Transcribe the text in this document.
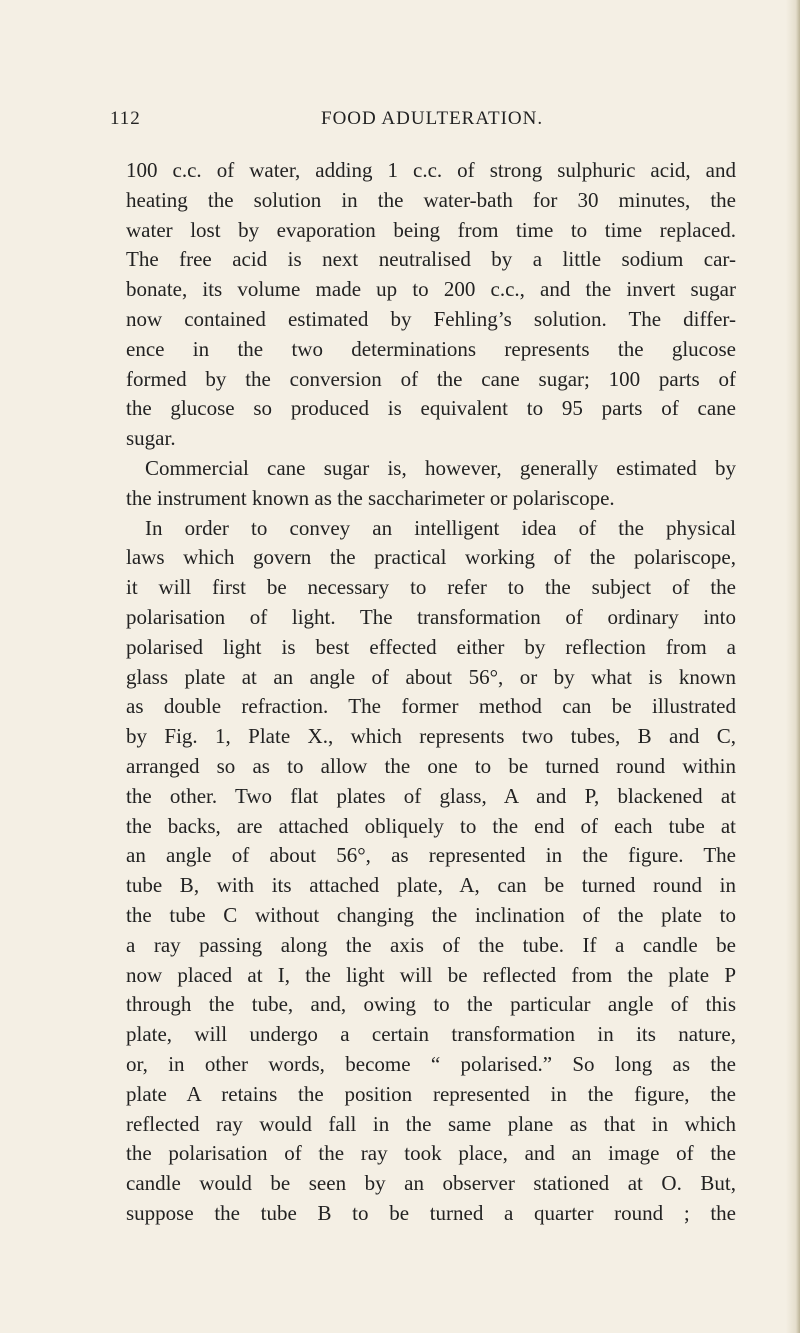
112	FOOD ADULTERATION.
100 c.c. of water, adding 1 c.c. of strong sulphuric acid, and
heating the solution in the water-bath for 30 minutes, the
water lost by evaporation being from time to time replaced.
The free acid is next neutralised by a little sodium car-
bonate, its volume made up to 200 c.c., and the invert sugar
now contained estimated by Fehling’s solution. The differ-
ence in the two determinations represents the glucose
formed by the conversion of the cane sugar; 100 parts of
the glucose so produced is equivalent to 95 parts of cane
sugar.
Commercial cane sugar is, however, generally estimated by
the instrument known as the saccharimeter or polariscope.
In order to convey an intelligent idea of the physical
laws which govern the practical working of the polariscope,
it will first be necessary to refer to the subject of the
polarisation of light. The transformation of ordinary into
polarised light is best effected either by reflection from a
glass plate at an angle of about 56°, or by what is known
as double refraction. The former method can be illustrated
by Fig. 1, Plate X., which represents two tubes, B and C,
arranged so as to allow the one to be turned round within
the other. Two flat plates of glass, A and P, blackened at
the backs, are attached obliquely to the end of each tube at
an angle of about 56°, as represented in the figure. The
tube B, with its attached plate, A, can be turned round in
the tube C without changing the inclination of the plate to
a ray passing along the axis of the tube. If a candle be
now placed at I, the light will be reflected from the plate P
through the tube, and, owing to the particular angle of this
plate, will undergo a certain transformation in its nature,
or, in other words, become “ polarised.” So long as the
plate A retains the position represented in the figure, the
reflected ray would fall in the same plane as that in which
the polarisation of the ray took place, and an image of the
candle would be seen by an observer stationed at O. But,
suppose the tube B to be turned a quarter round ; the
